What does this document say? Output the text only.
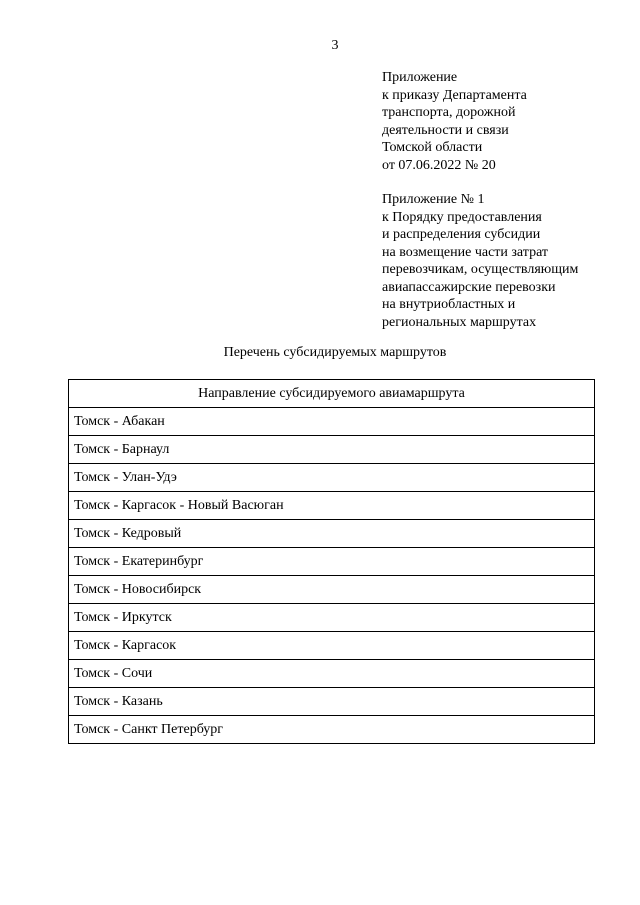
3
Приложение
к приказу Департамента
транспорта, дорожной
деятельности и связи
Томской области
от 07.06.2022 № 20
Приложение № 1
к Порядку предоставления
и распределения субсидии
на возмещение части затрат
перевозчикам, осуществляющим
авиапассажирские перевозки
на внутриобластных и
региональных маршрутах
Перечень субсидируемых маршрутов
Направление субсидируемого авиамаршрута
Томск - Абакан
Томск - Барнаул
Томск - Улан-Удэ
Томск - Каргасок - Новый Васюган
Томск - Кедровый
Томск - Екатеринбург
Томск - Новосибирск
Томск - Иркутск
Томск - Каргасок
Томск - Сочи
Томск - Казань
Томск - Санкт Петербург
